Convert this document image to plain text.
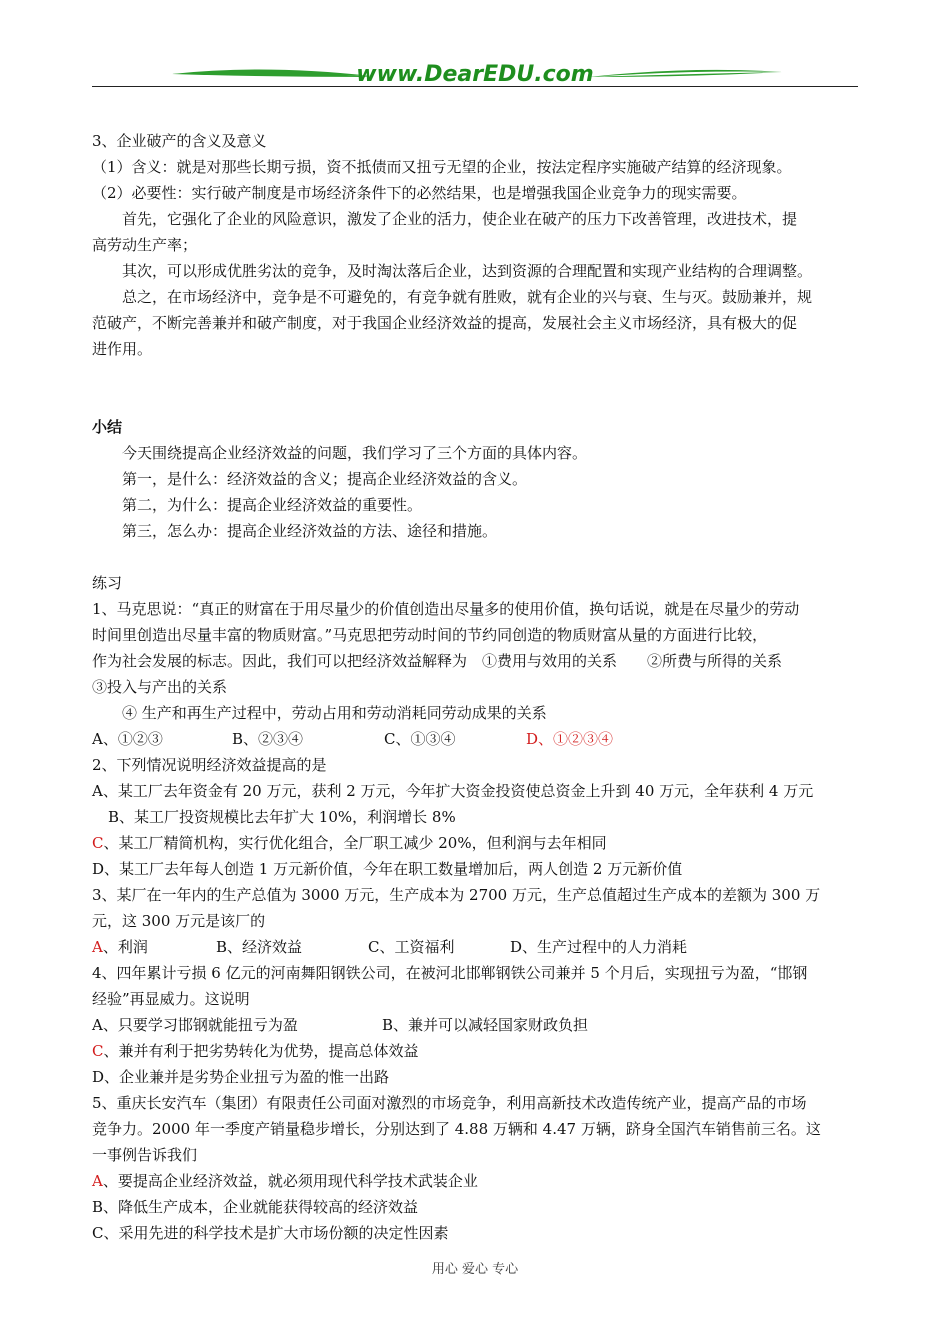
www.DearEDU.com
3、企业破产的含义及意义
（1）含义：就是对那些长期亏损，资不抵债而又扭亏无望的企业，按法定程序实施破产结算的经济现象。
（2）必要性：实行破产制度是市场经济条件下的必然结果，也是增强我国企业竞争力的现实需要。
首先，它强化了企业的风险意识，激发了企业的活力，使企业在破产的压力下改善管理，改进技术，提
高劳动生产率；
其次，可以形成优胜劣汰的竞争，及时淘汰落后企业，达到资源的合理配置和实现产业结构的合理调整。
总之，在市场经济中，竞争是不可避免的，有竞争就有胜败，就有企业的兴与衰、生与灭。鼓励兼并，规
范破产，不断完善兼并和破产制度，对于我国企业经济效益的提高，发展社会主义市场经济，具有极大的促
进作用。
小结
今天围绕提高企业经济效益的问题，我们学习了三个方面的具体内容。
第一，是什么：经济效益的含义；提高企业经济效益的含义。
第二，为什么：提高企业经济效益的重要性。
第三，怎么办：提高企业经济效益的方法、途径和措施。
练习
1、马克思说：“真正的财富在于用尽量少的价值创造出尽量多的使用价值，换句话说，就是在尽量少的劳动
时间里创造出尽量丰富的物质财富。”马克思把劳动时间的节约同创造的物质财富从量的方面进行比较，
作为社会发展的标志。因此，我们可以把经济效益解释为　①费用与效用的关系　　②所费与所得的关系
③投入与产出的关系
④ 生产和再生产过程中，劳动占用和劳动消耗同劳动成果的关系
A、①②③	B、②③④	C、①③④	D、①②③④
2、下列情况说明经济效益提高的是
A、某工厂去年资金有 20 万元，获利 2 万元，今年扩大资金投资使总资金上升到 40 万元，全年获利 4 万元
B、某工厂投资规模比去年扩大 10%，利润增长 8%
C、某工厂精简机构，实行优化组合，全厂职工减少 20%，但利润与去年相同
D、某工厂去年每人创造 1 万元新价值，今年在职工数量增加后，两人创造 2 万元新价值
3、某厂在一年内的生产总值为 3000 万元，生产成本为 2700 万元，生产总值超过生产成本的差额为 300 万
元，这 300 万元是该厂的
A、利润	B、经济效益	C、工资福利	D、生产过程中的人力消耗
4、四年累计亏损 6 亿元的河南舞阳钢铁公司，在被河北邯郸钢铁公司兼并 5 个月后，实现扭亏为盈，“邯钢
经验”再显威力。这说明
A、只要学习邯钢就能扭亏为盈	B、兼并可以减轻国家财政负担
C、兼并有利于把劣势转化为优势，提高总体效益
D、企业兼并是劣势企业扭亏为盈的惟一出路
5、重庆长安汽车（集团）有限责任公司面对激烈的市场竞争，利用高新技术改造传统产业，提高产品的市场
竞争力。2000 年一季度产销量稳步增长，分别达到了 4.88 万辆和 4.47 万辆，跻身全国汽车销售前三名。这
一事例告诉我们
A、要提高企业经济效益，就必须用现代科学技术武装企业
B、降低生产成本，企业就能获得较高的经济效益
C、采用先进的科学技术是扩大市场份额的决定性因素
用心 爱心 专心
